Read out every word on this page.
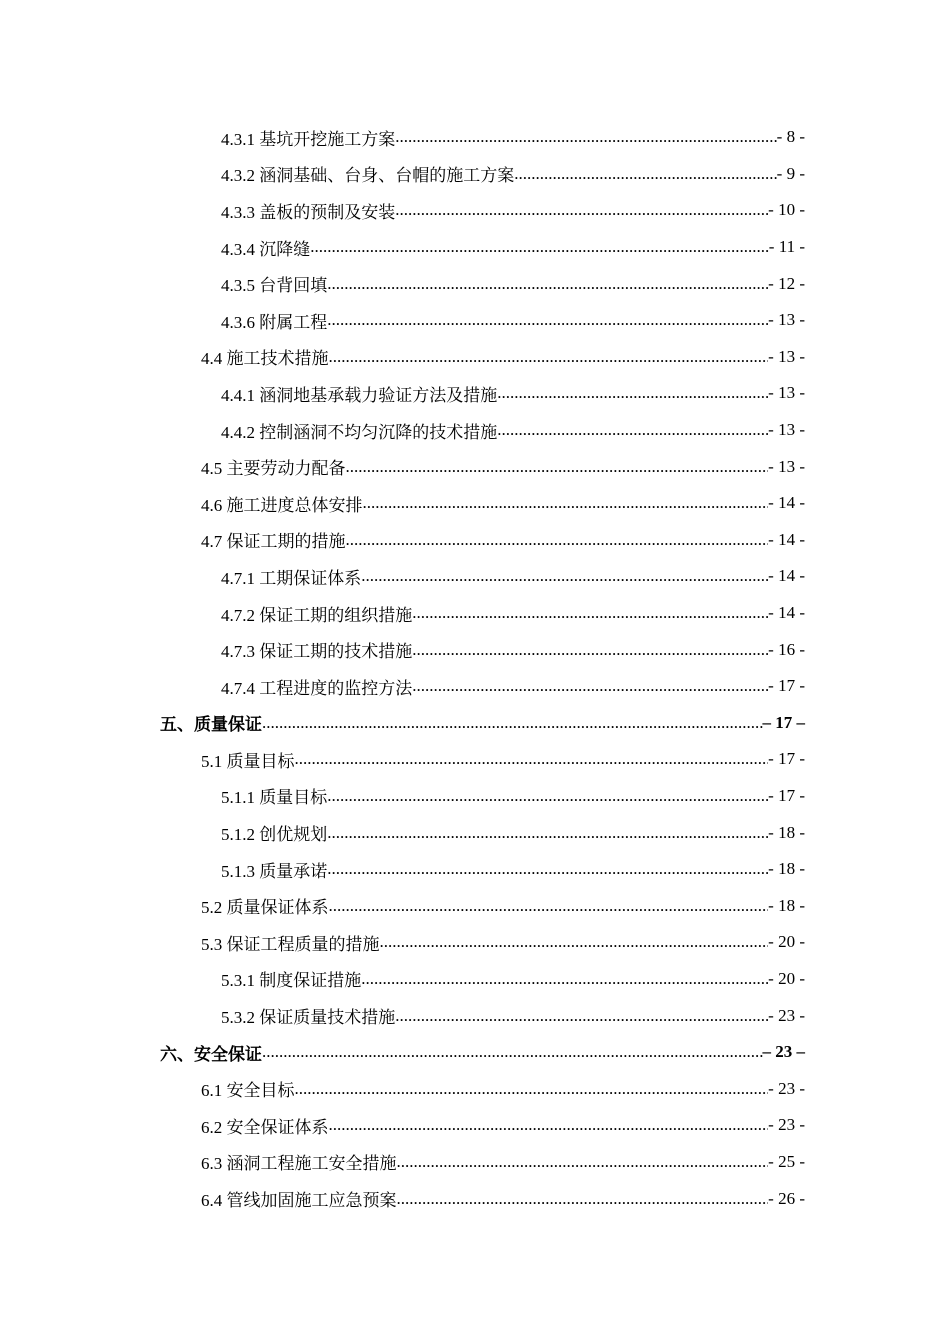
4.3.1 基坑开挖施工方案 .....	- 8 -
4.3.2 涵洞基础、台身、台帽的施工方案 .....	- 9 -
4.3.3 盖板的预制及安装 .....	- 10 -
4.3.4 沉降缝 .....	- 11 -
4.3.5 台背回填 .....	- 12 -
4.3.6 附属工程 .....	- 13 -
4.4 施工技术措施 .....	- 13 -
4.4.1 涵洞地基承载力验证方法及措施 .....	- 13 -
4.4.2 控制涵洞不均匀沉降的技术措施 .....	- 13 -
4.5 主要劳动力配备 .....	- 13 -
4.6 施工进度总体安排 .....	- 14 -
4.7 保证工期的措施 .....	- 14 -
4.7.1 工期保证体系 .....	- 14 -
4.7.2 保证工期的组织措施 .....	- 14 -
4.7.3 保证工期的技术措施 .....	- 16 -
4.7.4 工程进度的监控方法 .....	- 17 -
五、质量保证 .....	– 17 –
5.1 质量目标 .....	- 17 -
5.1.1 质量目标 .....	- 17 -
5.1.2 创优规划 .....	- 18 -
5.1.3 质量承诺 .....	- 18 -
5.2 质量保证体系 .....	- 18 -
5.3 保证工程质量的措施 .....	- 20 -
5.3.1 制度保证措施 .....	- 20 -
5.3.2 保证质量技术措施 .....	- 23 -
六、安全保证 .....	– 23 –
6.1 安全目标 .....	- 23 -
6.2 安全保证体系 .....	- 23 -
6.3 涵洞工程施工安全措施 .....	- 25 -
6.4 管线加固施工应急预案 .....	- 26 -
